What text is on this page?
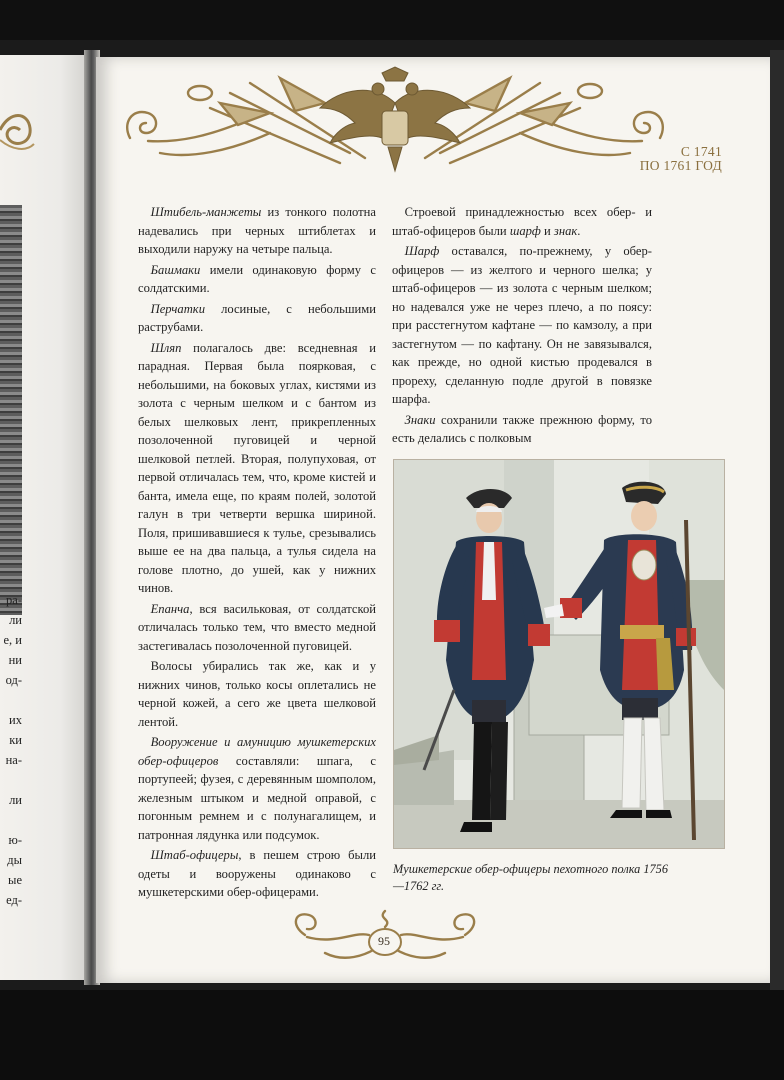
ра-
ли
е, и
ни
од-
их
ки
на-
ли
ю-
ды
ые
ед-
С 1741
ПО 1761 ГОД

 Штибель-манжеты из тонкого полотна надевались при черных штиблетах и выходили наружу на четыре пальца.

 Башмаки имели одинаковую форму с солдатскими.

 Перчатки лосиные, с небольшими раструбами.

 Шляп полагалось две: вседневная и парадная. Первая была поярковая, с небольшими, на боковых углах, кистями из золота с черным шелком и с бантом из белых шелковых лент, прикрепленных позолоченной пуговицей и черной шелковой петлей. Вторая, полупуховая, от первой отличалась тем, что, кроме кистей и банта, имела еще, по краям полей, золотой галун в три четверти вершка шириной. Поля, пришивавшиеся к тулье, срезывались выше ее на два пальца, а тулья сидела на голове плотно, до ушей, как у нижних чинов.

 Епанча, вся васильковая, от солдатской отличалась только тем, что вместо медной застегивалась позолоченной пуговицей.

 Волосы убирались так же, как и у нижних чинов, только косы оплетались не черной кожей, а сего же цвета шелковой лентой.

 Вооружение и амуницию мушкетерских обер-офицеров составляли: шпага, с портупеей; фузея, с деревянным шомполом, железным штыком и медной оправой, с погонным ремнем и с полунагалищем, и патронная лядунка или подсумок.

 Штаб-офицеры, в пешем строю были одеты и вооружены одинаково с мушкетерскими обер-офицерами.

 Строевой принадлежностью всех обер- и штаб-офицеров были шарф и знак.

 Шарф оставался, по-прежнему, у обер-офицеров — из желтого и черного шелка; у штаб-офицеров — из золота с черным шелком; но надевался уже не через плечо, а по поясу: при расстегнутом кафтане — по камзолу, а при застегнутом — по кафтану. Он не завязывался, как прежде, но одной кистью продевался в прореху, сделанную подле другой в повязке шарфа.

 Знаки сохранили также прежнюю форму, то есть делались с полковым

Мушкетерские обер-офицеры пехотного полка 1756—1762 гг.
95
